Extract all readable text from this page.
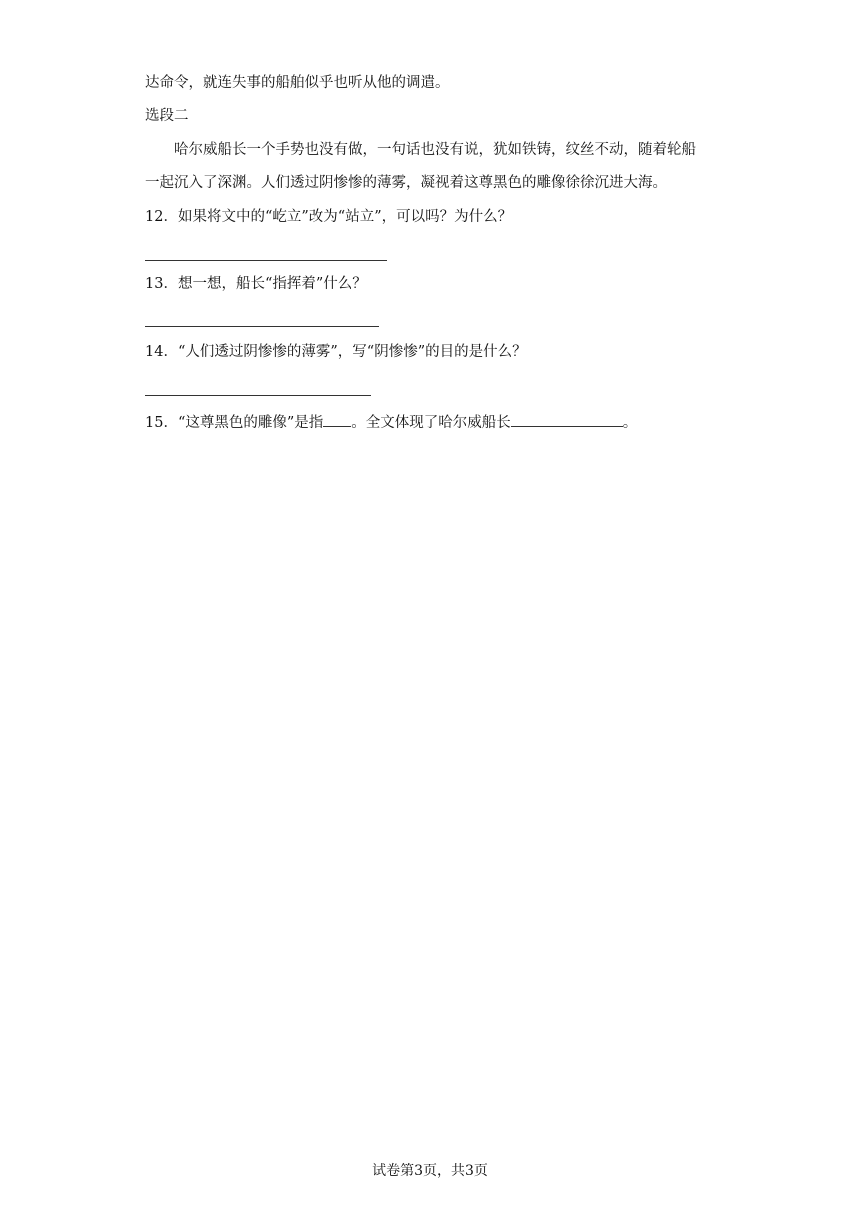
达命令，就连失事的船舶似乎也听从他的调遣。
选段二
哈尔威船长一个手势也没有做，一句话也没有说，犹如铁铸，纹丝不动，随着轮船
一起沉入了深渊。人们透过阴惨惨的薄雾，凝视着这尊黑色的雕像徐徐沉进大海。
12．如果将文中的“屹立”改为“站立”，可以吗？为什么？
13．想一想，船长“指挥着”什么？
14．“人们透过阴惨惨的薄雾”，写“阴惨惨”的目的是什么？
15．“这尊黑色的雕像”是指 。全文体现了哈尔威船长	。
试卷第3页，共3页
